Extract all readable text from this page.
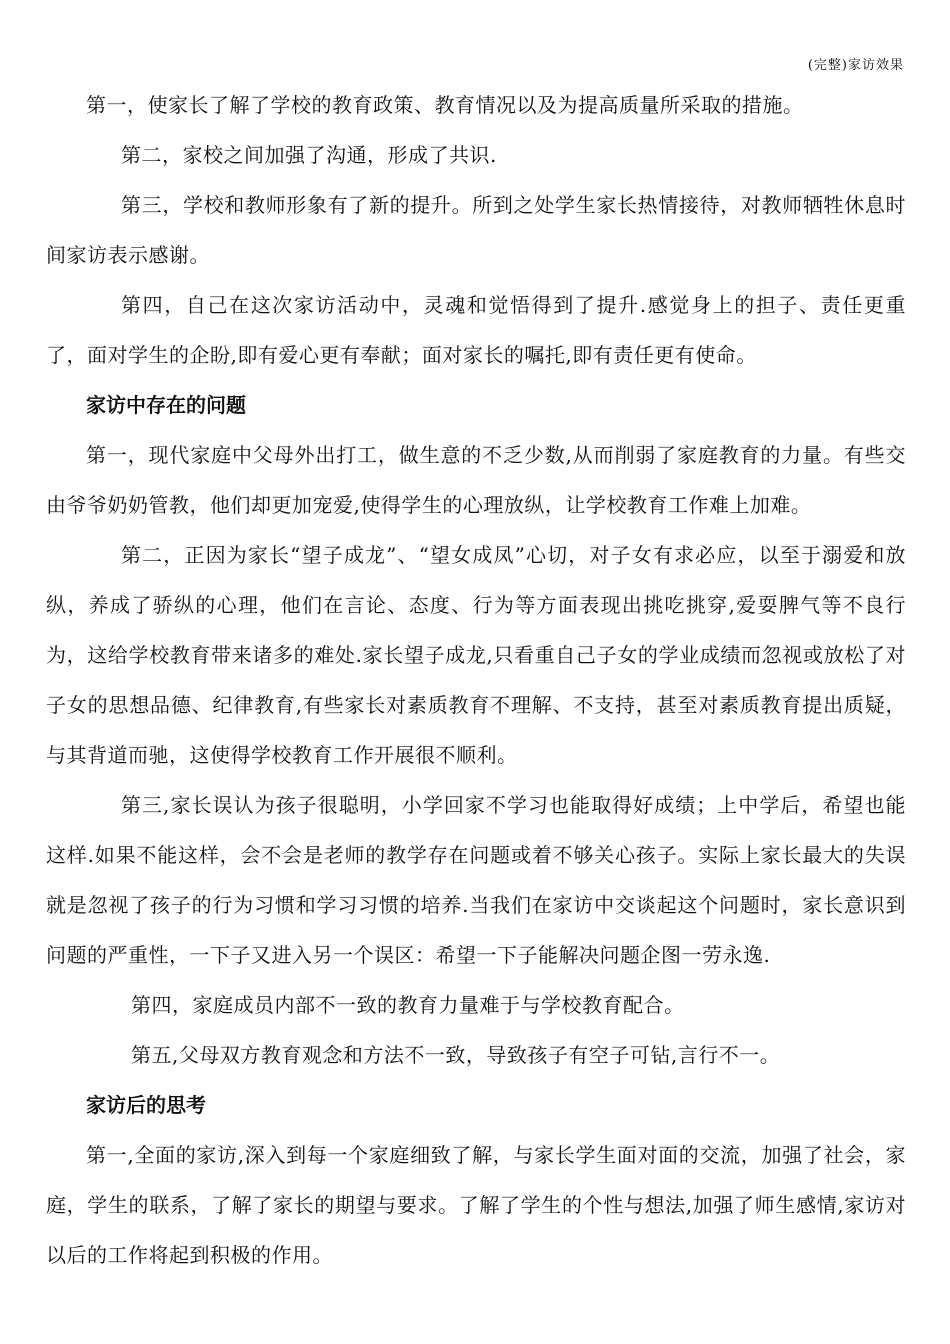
(完整)家访效果

第一，使家长了解了学校的教育政策、教育情况以及为提高质量所采取的措施。

第二，家校之间加强了沟通，形成了共识.

第三，学校和教师形象有了新的提升。所到之处学生家长热情接待，对教师牺牲休息时间家访表示感谢。

第四，自己在这次家访活动中，灵魂和觉悟得到了提升.感觉身上的担子、责任更重了，面对学生的企盼,即有爱心更有奉献；面对家长的嘱托,即有责任更有使命。

家访中存在的问题

第一，现代家庭中父母外出打工，做生意的不乏少数,从而削弱了家庭教育的力量。有些交由爷爷奶奶管教，他们却更加宠爱,使得学生的心理放纵，让学校教育工作难上加难。

第二，正因为家长“望子成龙”、“望女成凤”心切，对子女有求必应，以至于溺爱和放纵，养成了骄纵的心理，他们在言论、态度、行为等方面表现出挑吃挑穿,爱耍脾气等不良行为，这给学校教育带来诸多的难处.家长望子成龙,只看重自己子女的学业成绩而忽视或放松了对子女的思想品德、纪律教育,有些家长对素质教育不理解、不支持，甚至对素质教育提出质疑，与其背道而驰，这使得学校教育工作开展很不顺利。

第三,家长误认为孩子很聪明，小学回家不学习也能取得好成绩；上中学后，希望也能这样.如果不能这样，会不会是老师的教学存在问题或着不够关心孩子。实际上家长最大的失误就是忽视了孩子的行为习惯和学习习惯的培养.当我们在家访中交谈起这个问题时，家长意识到问题的严重性，一下子又进入另一个误区：希望一下子能解决问题企图一劳永逸.

第四，家庭成员内部不一致的教育力量难于与学校教育配合。

第五,父母双方教育观念和方法不一致，导致孩子有空子可钻,言行不一。

家访后的思考

第一,全面的家访,深入到每一个家庭细致了解，与家长学生面对面的交流，加强了社会，家庭，学生的联系，了解了家长的期望与要求。了解了学生的个性与想法,加强了师生感情,家访对以后的工作将起到积极的作用。
